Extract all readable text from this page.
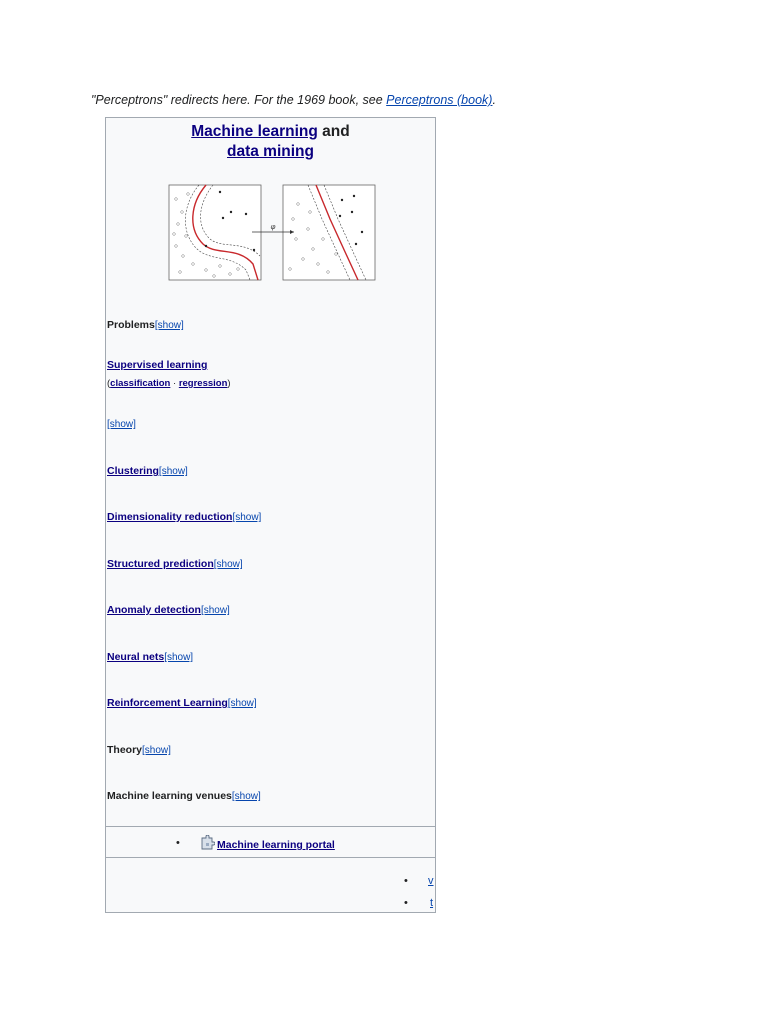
"Perceptrons" redirects here. For the 1969 book, see Perceptrons (book).
Machine learning and
data mining
φ
Problems[show]
Supervised learning
(classification · regression)
[show]
Clustering[show]
Dimensionality reduction[show]
Structured prediction[show]
Anomaly detection[show]
Neural nets[show]
Reinforcement Learning[show]
Theory[show]
Machine learning venues[show]
•	Machine learning portal
• v
• t
